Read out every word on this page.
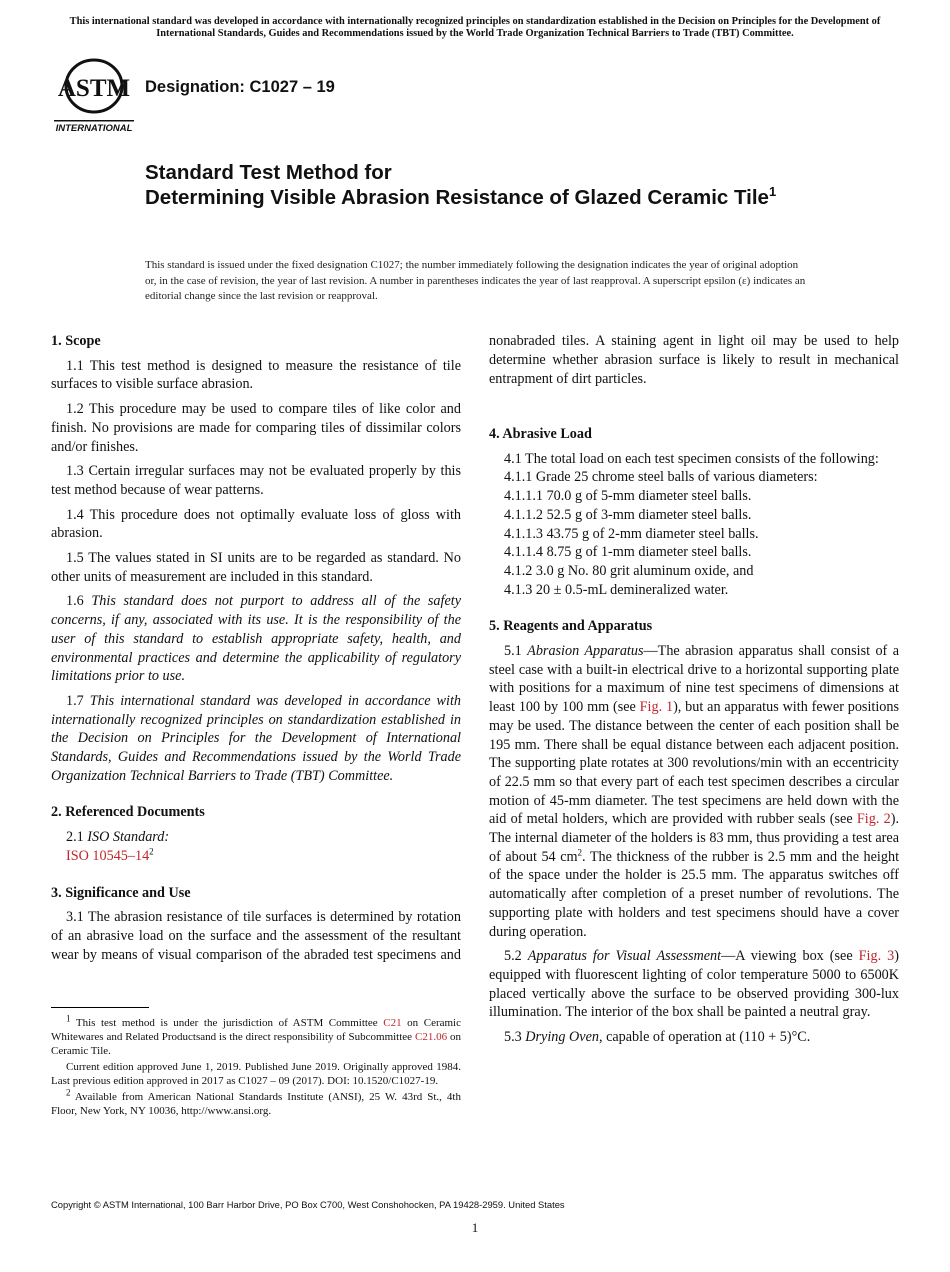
This international standard was developed in accordance with internationally recognized principles on standardization established in the Decision on Principles for the Development of International Standards, Guides and Recommendations issued by the World Trade Organization Technical Barriers to Trade (TBT) Committee.
ASTM
INTERNATIONAL
Designation: C1027 – 19
Standard Test Method for
Determining Visible Abrasion Resistance of Glazed Ceramic Tile$^1$
This standard is issued under the fixed designation C1027; the number immediately following the designation indicates the year of original adoption or, in the case of revision, the year of last revision. A number in parentheses indicates the year of last reapproval. A superscript epsilon (ε) indicates an editorial change since the last revision or reapproval.
1. Scope

1.1 This test method is designed to measure the resistance of tile surfaces to visible surface abrasion.

1.2 This procedure may be used to compare tiles of like color and finish. No provisions are made for comparing tiles of dissimilar colors and/or finishes.

1.3 Certain irregular surfaces may not be evaluated properly by this test method because of wear patterns.

1.4 This procedure does not optimally evaluate loss of gloss with abrasion.

1.5 The values stated in SI units are to be regarded as standard. No other units of measurement are included in this standard.

1.6 This standard does not purport to address all of the safety concerns, if any, associated with its use. It is the responsibility of the user of this standard to establish appropriate safety, health, and environmental practices and determine the applicability of regulatory limitations prior to use.

1.7 This international standard was developed in accordance with internationally recognized principles on standardization established in the Decision on Principles for the Development of International Standards, Guides and Recommendations issued by the World Trade Organization Technical Barriers to Trade (TBT) Committee.

2. Referenced Documents

2.1 ISO Standard:

ISO $10545-14^2$

3. Significance and Use

3.1 The abrasion resistance of tile surfaces is determined by rotation of an abrasive load on the surface and the assessment of the resultant wear by means of visual comparison of the abraded test specimens and

nonabraded tiles. A staining agent in light oil may be used to help determine whether abrasion surface is likely to result in mechanical entrapment of dirt particles.

4. Abrasive Load

4.1 The total load on each test specimen consists of the following:

4.1.1 Grade 25 chrome steel balls of various diameters:

4.1.1.1 70.0 g of 5-mm diameter steel balls.

4.1.1.2 52.5 g of 3-mm diameter steel balls.

4.1.1.3 43.75 g of 2-mm diameter steel balls.

4.1.1.4 8.75 g of 1-mm diameter steel balls.

4.1.2 3.0 g No. 80 grit aluminum oxide, and

4.1.3 20 ± 0.5-mL demineralized water.

5. Reagents and Apparatus

5.1 Abrasion Apparatus—The abrasion apparatus shall consist of a steel case with a built-in electrical drive to a horizontal supporting plate with positions for a maximum of nine test specimens of dimensions at least 100 by 100 mm (see Fig. 1), but an apparatus with fewer positions may be used. The distance between the center of each position shall be 195 mm. There shall be equal distance between each adjacent position. The supporting plate rotates at 300 revolutions/min with an eccentricity of 22.5 mm so that every part of each test specimen describes a circular motion of 45-mm diameter. The test specimens are held down with the aid of metal holders, which are provided with rubber seals (see Fig. 2). The internal diameter of the holders is 83 mm, thus providing a test area of about 54 $cm^2$. The thickness of the rubber is 2.5 mm and the height of the space under the holder is 25.5 mm. The apparatus switches off automatically after completion of a preset number of revolutions. The supporting plate with holders and test specimens should have a cover during operation.

5.2 Apparatus for Visual Assessment—A viewing box (see Fig. 3) equipped with fluorescent lighting of color temperature 5000 to 6500K placed vertically above the surface to be observed providing 300-lux illumination. The interior of the box shall be painted a neutral gray.

5.3 Drying Oven, capable of operation at (110 + 5)°C.

$^1$ This test method is under the jurisdiction of ASTM Committee C21 on Ceramic Whitewares and Related Productsand is the direct responsibility of Subcommittee C21.06 on Ceramic Tile.

Current edition approved June 1, 2019. Published June 2019. Originally approved 1984. Last previous edition approved in 2017 as C1027 – 09 (2017). DOI: 10.1520/C1027-19.

$^2$ Available from American National Standards Institute (ANSI), 25 W. 43rd St., 4th Floor, New York, NY 10036, http://www.ansi.org.

Copyright © ASTM International, 100 Barr Harbor Drive, PO Box C700, West Conshohocken, PA 19428-2959. United States
1
